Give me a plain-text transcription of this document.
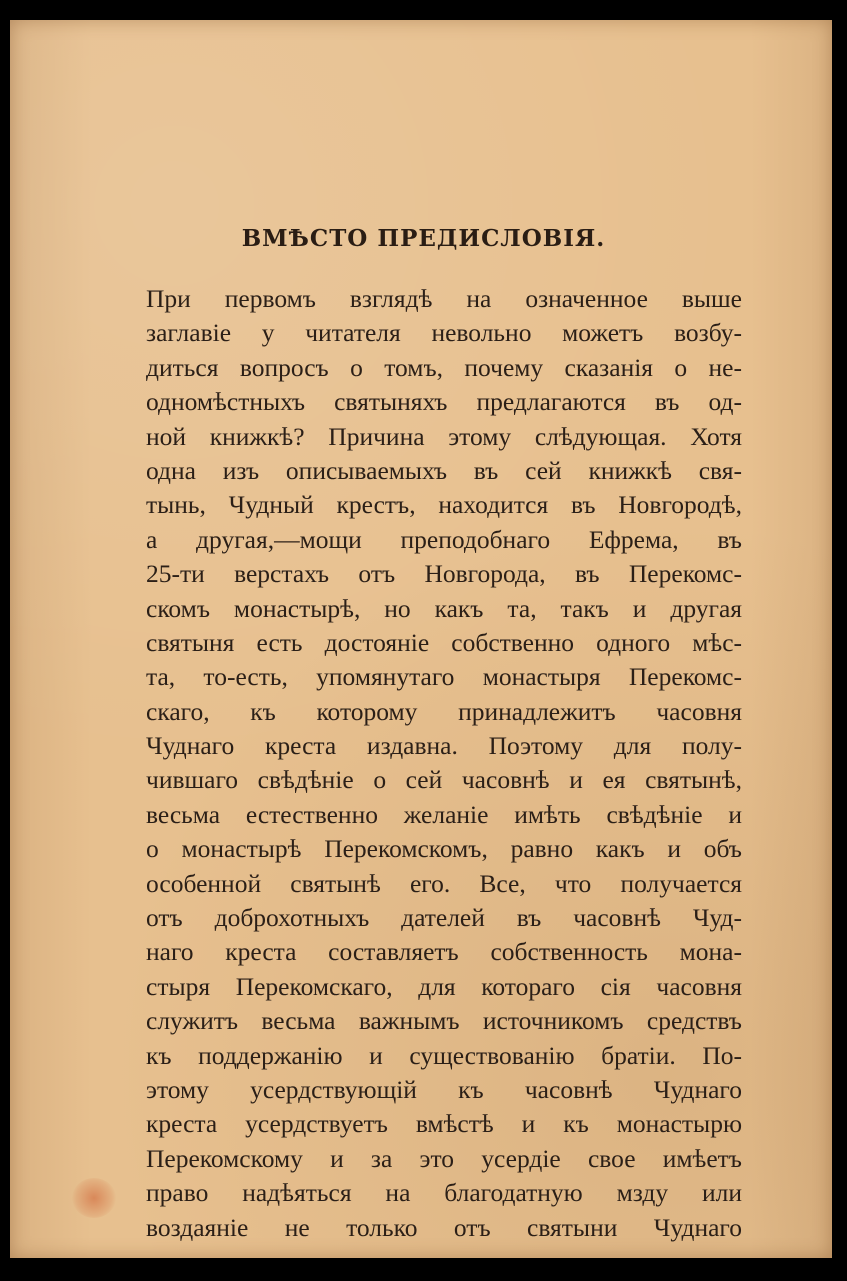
ВМѢСТО ПРЕДИСЛОВІЯ.
При первомъ взглядѣ на означенное выше
заглавіе у читателя невольно можетъ возбу-
диться вопросъ о томъ, почему сказанія о не-
одномѣстныхъ святыняхъ предлагаются въ од-
ной книжкѣ? Причина этому слѣдующая. Хотя
одна изъ описываемыхъ въ сей книжкѣ свя-
тынь, Чудный крестъ, находится въ Новгородѣ,
а другая,—мощи преподобнаго Ефрема, въ
25-ти верстахъ отъ Новгорода, въ Перекомс-
скомъ монастырѣ, но какъ та, такъ и другая
святыня есть достояніе собственно одного мѣс-
та, то-есть, упомянутаго монастыря Перекомс-
скаго, къ которому принадлежитъ часовня
Чуднаго креста издавна. Поэтому для полу-
чившаго свѣдѣніе о сей часовнѣ и ея святынѣ,
весьма естественно желаніе имѣть свѣдѣніе и
о монастырѣ Перекомскомъ, равно какъ и объ
особенной святынѣ его. Все, что получается
отъ доброхотныхъ дателей въ часовнѣ Чуд-
наго креста составляетъ собственность мона-
стыря Перекомскаго, для котораго сія часовня
служитъ весьма важнымъ источникомъ средствъ
къ поддержанію и существованію братіи. По-
этому усердствующій къ часовнѣ Чуднаго
креста усердствуетъ вмѣстѣ и къ монастырю
Перекомскому и за это усердіе свое имѣетъ
право надѣяться на благодатную мзду или
воздаяніе не только отъ святыни Чуднаго
